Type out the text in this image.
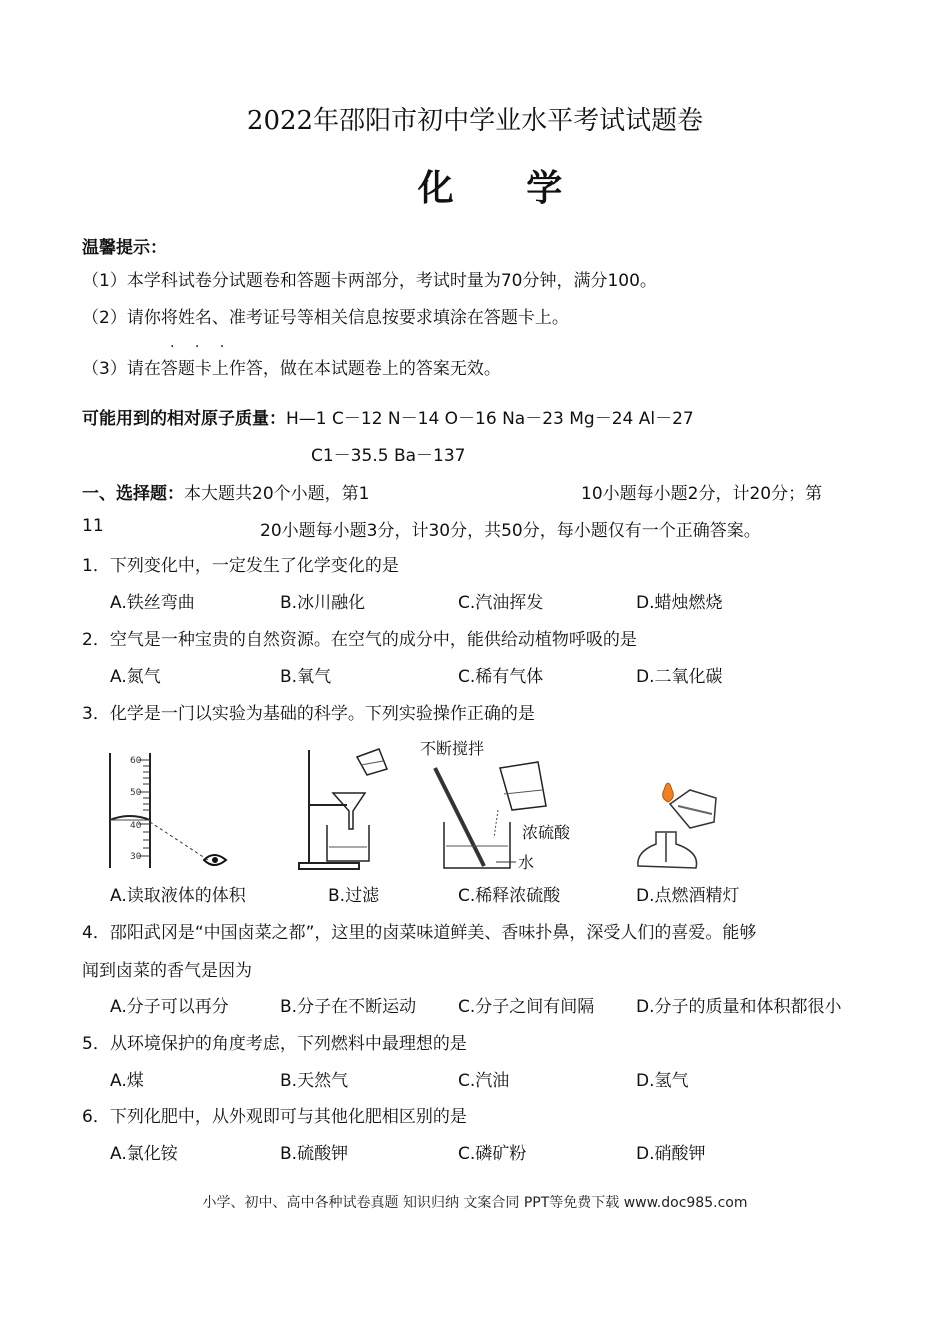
2022年邵阳市初中学业水平考试试题卷
化 学
温馨提示：
（1）本学科试卷分试题卷和答题卡两部分，考试时量为70分钟，满分100。
（2）请你将姓名、准考证号等相关信息按要求填涂在答题卡上。
· · ·
（3）请在答题卡上作答，做在本试题卷上的答案无效。
可能用到的相对原子质量：H—1 C－12 N－14 O－16 Na－23 Mg－24 Al－27
C1－35.5 Ba－137
一、选择题：本大题共20个小题，第1	10小题每小题2分，计20分；第
11	20小题每小题3分，计30分，共50分，每小题仅有一个正确答案。
1．下列变化中，一定发生了化学变化的是
A.铁丝弯曲	B.冰川融化	C.汽油挥发	D.蜡烛燃烧
2．空气是一种宝贵的自然资源。在空气的成分中，能供给动植物呼吸的是
A.氮气	B.氧气	C.稀有气体	D.二氧化碳
3．化学是一门以实验为基础的科学。下列实验操作正确的是
60
50
40
30
不断搅拌
浓硫酸
水
A.读取液体的体积	B.过滤	C.稀释浓硫酸	D.点燃酒精灯
4．邵阳武冈是“中国卤菜之都”，这里的卤菜味道鲜美、香味扑鼻，深受人们的喜爱。能够
闻到卤菜的香气是因为
A.分子可以再分	B.分子在不断运动 C.分子之间有间隔 D.分子的质量和体积都很小
5．从环境保护的角度考虑，下列燃料中最理想的是
A.煤	B.天然气	C.汽油	D.氢气
6．下列化肥中，从外观即可与其他化肥相区别的是
A.氯化铵	B.硫酸钾	C.磷矿粉	D.硝酸钾
小学、初中、高中各种试卷真题 知识归纳 文案合同 PPT等免费下载 www.doc985.com
